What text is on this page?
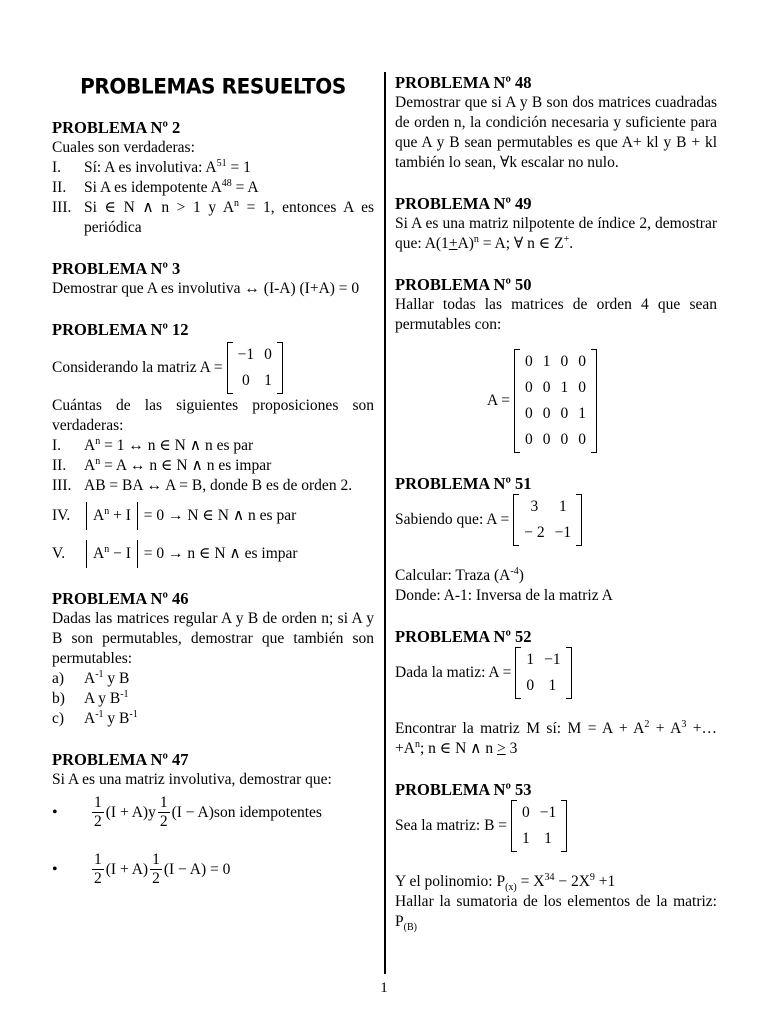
PROBLEMAS RESUELTOS

PROBLEMA Nº 2

Cuales son verdaderas:

I.	Sí: A es involutiva: $A^{51} = 1$
II.	Si A es idempotente $A^{48} = A$
III. Si ∈ N ∧ n > 1 y $A^n = 1$, entonces A es periódica

PROBLEMA Nº 3

Demostrar que A es involutiva ↔ (I-A) (I+A) = 0

PROBLEMA Nº 12

Considerando la matriz A =
−1	0
0	1

Cuántas de las siguientes proposiciones son verdaderas:

I.	$A^n = 1$ ↔ n ∈ N ∧ n es par
II.	$A^n = A$ ↔ n ∈ N ∧ n es impar
III. AB = BA ↔ A = B, donde B es de orden 2.
IV.	$A^n + I = 0 \to N$ ∈ N ∧ n es par
V.	$A^n - I = 0 \to n$ ∈ N ∧ es impar

PROBLEMA Nº 46

Dadas las matrices regular A y B de orden n; si A y B son permutables, demostrar que también son permutables:

a)	$A^{-1}$ y B
b)	A y $B^{-1}$
c)	$A^{-1}$ y $B^{-1}$

PROBLEMA Nº 47

Si A es una matriz involutiva, demostrar que:

•	$\frac{1}{2} (I + A)$ y $\frac{1}{2} (I - A)$ son idempotentes
•	$\frac{1}{2} (I + A) \frac{1}{2} (I - A) = 0$

PROBLEMA Nº 48

Demostrar que si A y B son dos matrices cuadradas de orden n, la condición necesaria y suficiente para que A y B sean permutables es que A+ kl y B + kl también lo sean, ∀k escalar no nulo.

PROBLEMA Nº 49

Si A es una matriz nilpotente de índice 2, demostrar que: $A(1+A)^n = A$; ∀ n ∈ Z+.

PROBLEMA Nº 50

Hallar todas las matrices de orden 4 que sean permutables con:

A =
0	1	0	0
0	0	1	0
0	0	0	1
0	0	0	0

PROBLEMA Nº 51

Sabiendo que: A =
3	1
− 2	−1

Calcular: Traza $(A^{-4})$

Donde: A-1: Inversa de la matriz A

PROBLEMA Nº 52

Dada la matiz: A =
1	−1
0	1

Encontrar la matriz M sí: $M = A + A^2 + A^3$ +… $+A^n$; n ∈ N ∧ n > 3

PROBLEMA Nº 53

Sea la matriz: B =
0	−1
1	1

Y el polinomio: $P_{(x)} = X^{34} - 2X^9 +1$

Hallar la sumatoria de los elementos de la matriz: $P_{(B)}$

1
